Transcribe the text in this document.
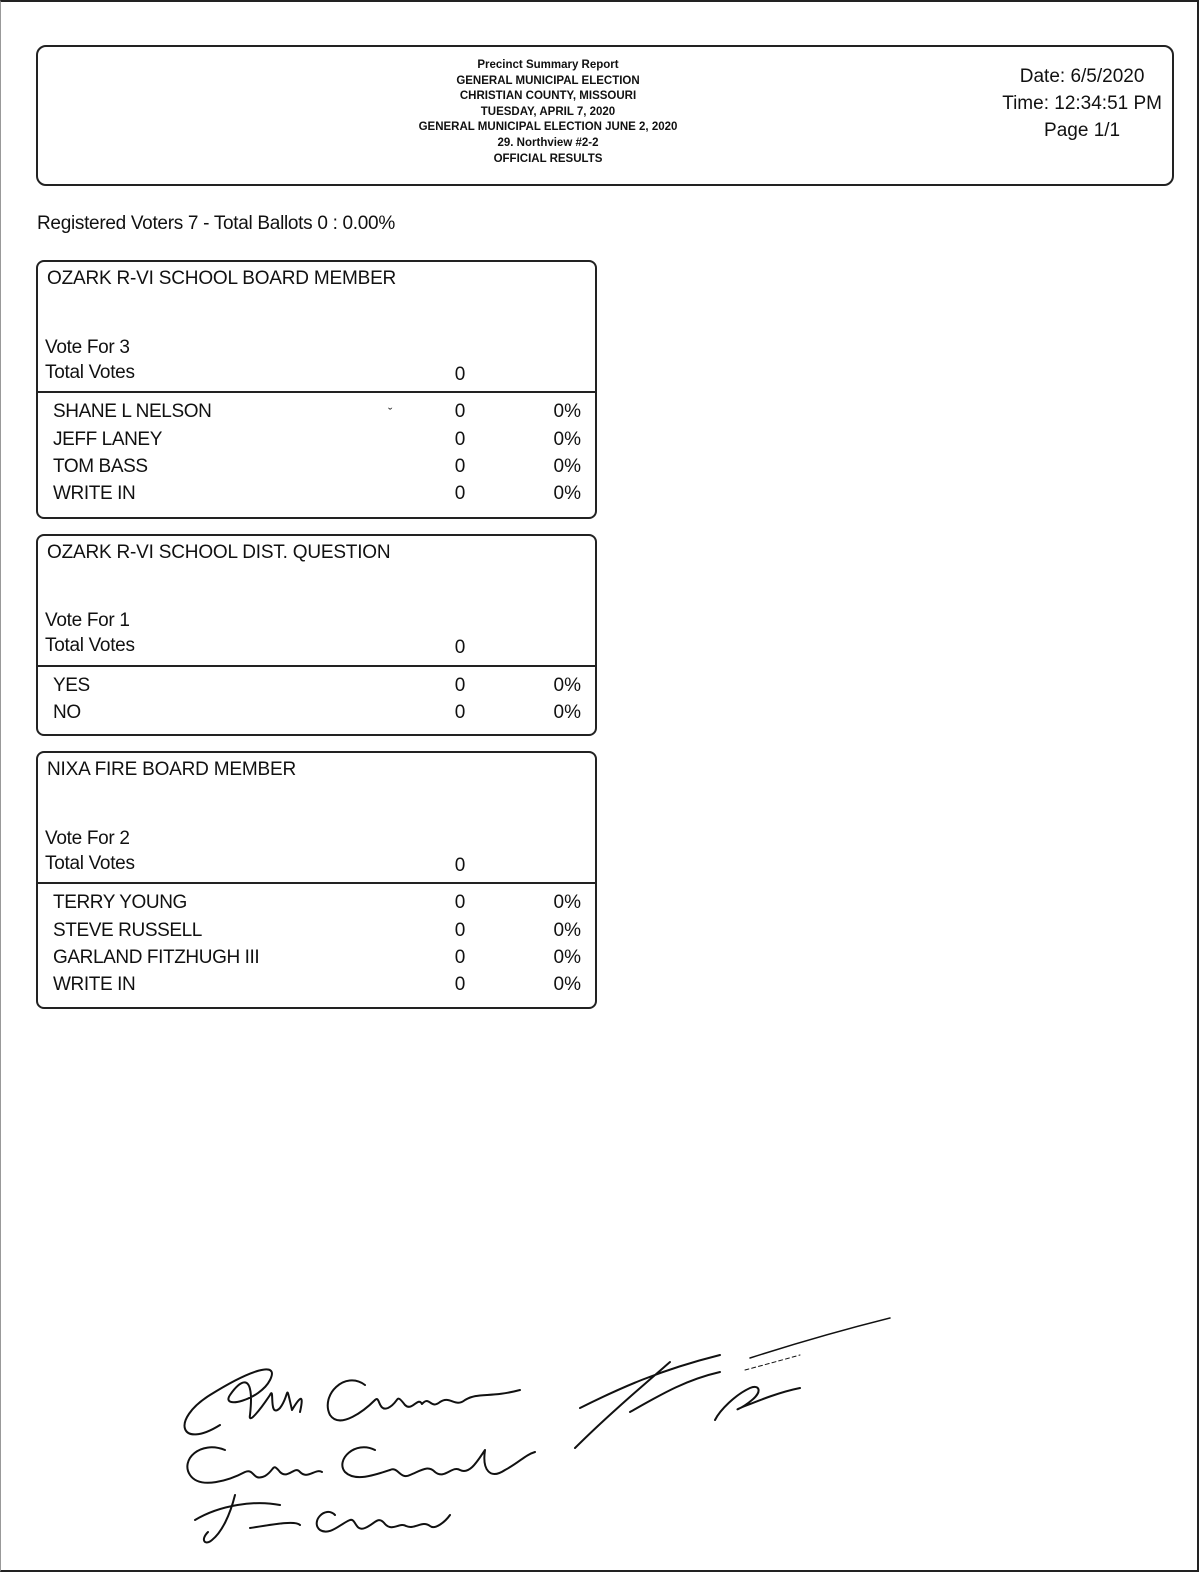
Precinct Summary Report
GENERAL MUNICIPAL ELECTION
CHRISTIAN COUNTY, MISSOURI
TUESDAY, APRIL 7, 2020
GENERAL MUNICIPAL ELECTION JUNE 2, 2020
29. Northview #2-2
OFFICIAL RESULTS
Date: 6/5/2020
Time: 12:34:51 PM
Page 1/1
Registered Voters 7 - Total Ballots 0 : 0.00%
OZARK R-VI SCHOOL BOARD MEMBER
Vote For 3
Total Votes	0
SHANE L NELSON	ˇ	0	0%
JEFF LANEY	0	0%
TOM BASS	0	0%
WRITE IN	0	0%
OZARK R-VI SCHOOL DIST. QUESTION
Vote For 1
Total Votes	0
YES	0	0%
NO	0	0%
NIXA FIRE BOARD MEMBER
Vote For 2
Total Votes	0
TERRY YOUNG	0	0%
STEVE RUSSELL	0	0%
GARLAND FITZHUGH III	0	0%
WRITE IN	0	0%
